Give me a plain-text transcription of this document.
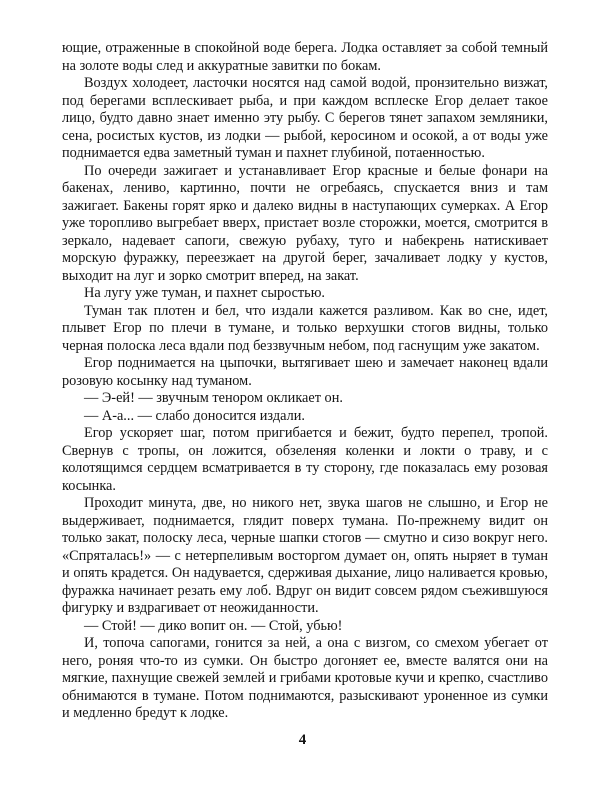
ющие, отраженные в спокойной воде берега. Лодка оставляет за собой темный на золоте воды след и аккуратные завитки по бокам.

Воздух холодеет, ласточки носятся над самой водой, пронзительно визжат, под берегами всплескивает рыба, и при каждом всплеске Егор делает такое лицо, будто давно знает именно эту рыбу. С берегов тянет запахом земляники, сена, росистых кустов, из лодки — рыбой, керосином и осокой, а от воды уже поднимается едва заметный туман и пахнет глубиной, потаенностью.

По очереди зажигает и устанавливает Егор красные и белые фонари на бакенах, лениво, картинно, почти не огребаясь, спускается вниз и там зажигает. Бакены горят ярко и далеко видны в наступающих сумерках. А Егор уже торопливо выгребает вверх, пристает возле сторожки, моется, смотрится в зеркало, надевает сапоги, свежую рубаху, туго и набекрень натискивает морскую фуражку, переезжает на другой берег, зачаливает лодку у кустов, выходит на луг и зорко смотрит вперед, на закат.

На лугу уже туман, и пахнет сыростью.

Туман так плотен и бел, что издали кажется разливом. Как во сне, идет, плывет Егор по плечи в тумане, и только верхушки стогов видны, только черная полоска леса вдали под беззвучным небом, под гаснущим уже закатом.

Егор поднимается на цыпочки, вытягивает шею и замечает наконец вдали розовую косынку над туманом.

— Э-ей! — звучным тенором окликает он.

— А-а... — слабо доносится издали.

Егор ускоряет шаг, потом пригибается и бежит, будто перепел, тропой. Свернув с тропы, он ложится, обзеленяя коленки и локти о траву, и с колотящимся сердцем всматривается в ту сторону, где показалась ему розовая косынка.

Проходит минута, две, но никого нет, звука шагов не слышно, и Егор не выдерживает, поднимается, глядит поверх тумана. По-прежнему видит он только закат, полоску леса, черные шапки стогов — смутно и сизо вокруг него. «Спряталась!» — с нетерпеливым восторгом думает он, опять ныряет в туман и опять крадется. Он надувается, сдерживая дыхание, лицо наливается кровью, фуражка начинает резать ему лоб. Вдруг он видит совсем рядом съежившуюся фигурку и вздрагивает от неожиданности.

— Стой! — дико вопит он. — Стой, убью!

И, топоча сапогами, гонится за ней, а она с визгом, со смехом убегает от него, роняя что-то из сумки. Он быстро догоняет ее, вместе валятся они на мягкие, пахнущие свежей землей и грибами кротовые кучи и крепко, счастливо обнимаются в тумане. Потом поднимаются, разыскивают уроненное из сумки и медленно бредут к лодке.

4
